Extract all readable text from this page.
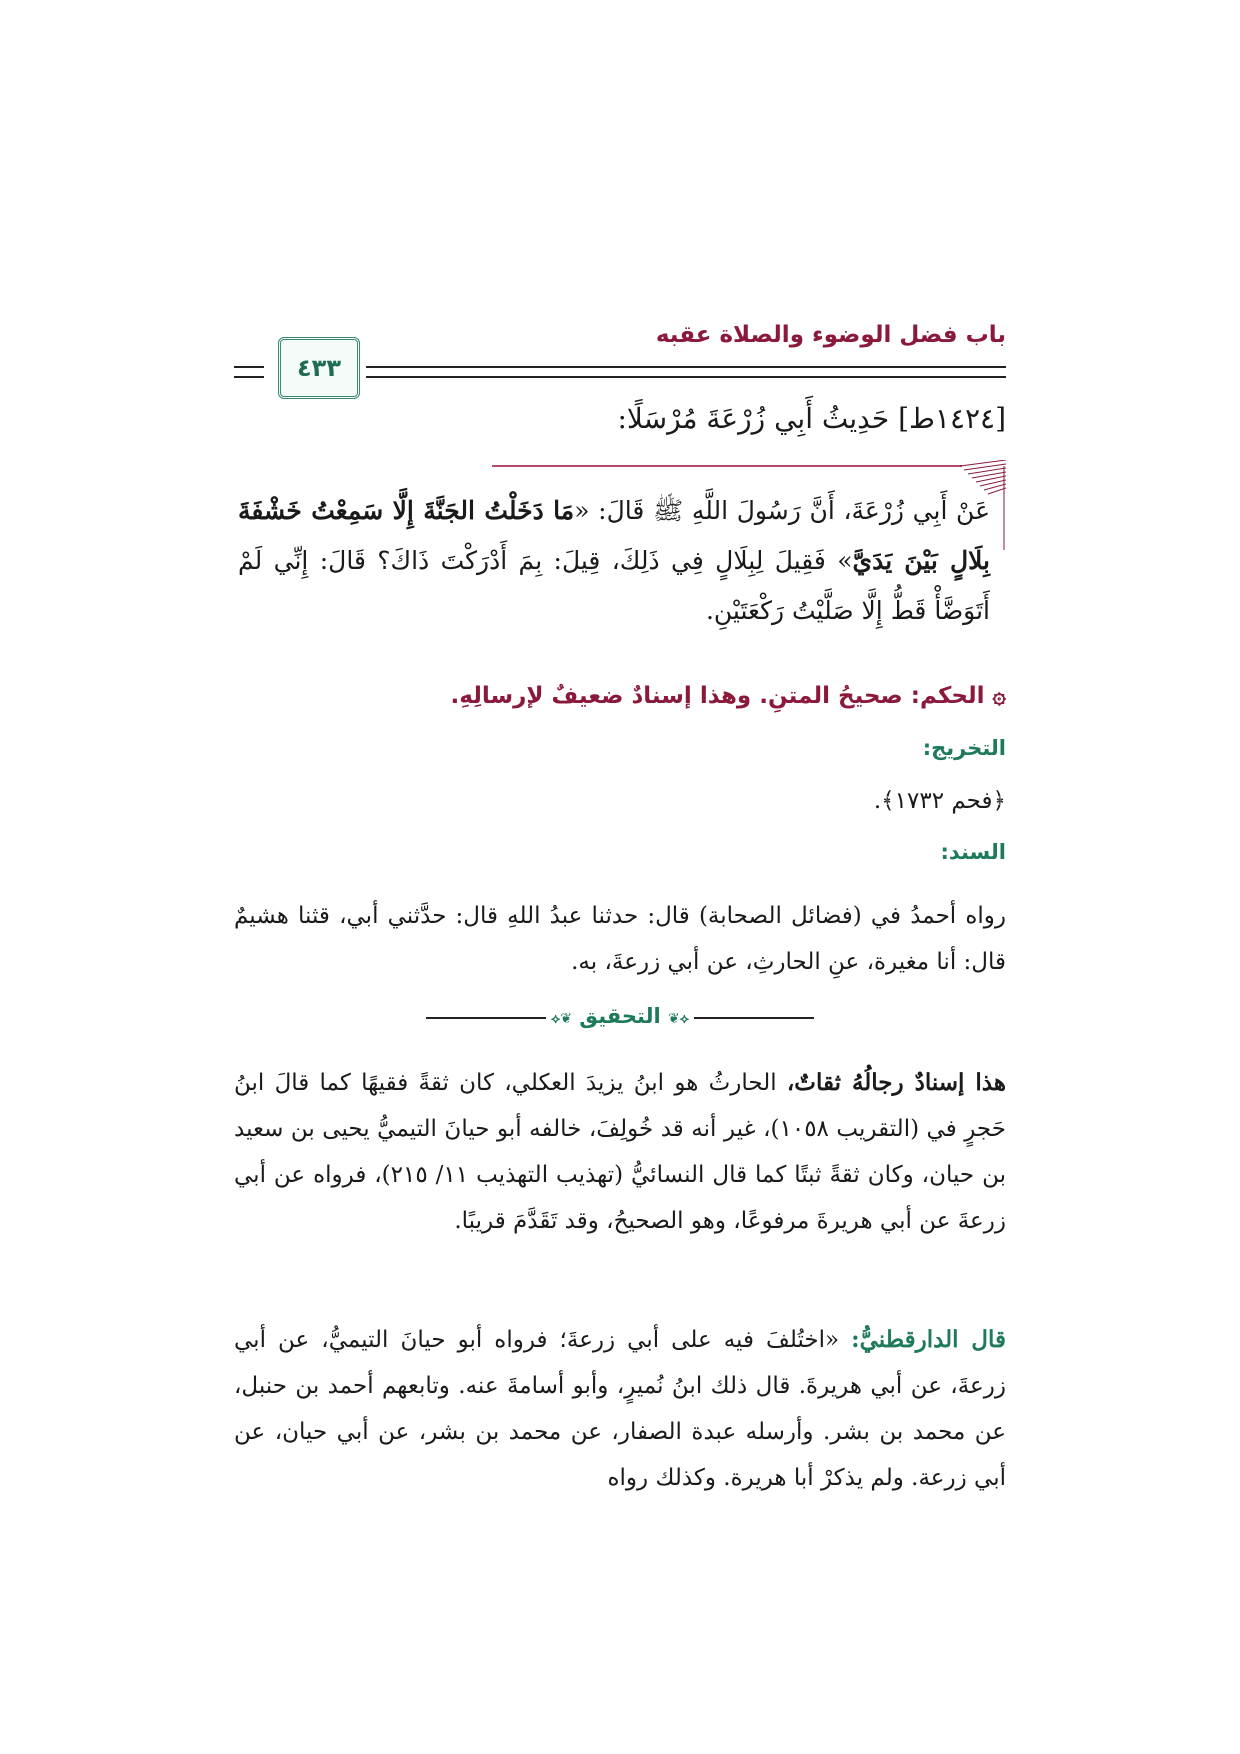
باب فضل الوضوء والصلاة عقبه
٤٣٣
[١٤٢٤ط] حَدِيثُ أَبِي زُرْعَةَ مُرْسَلًا:
عَنْ أَبِي زُرْعَةَ، أَنَّ رَسُولَ اللَّهِ ﷺ قَالَ: «مَا دَخَلْتُ الجَنَّةَ إِلَّا سَمِعْتُ خَشْفَةَ بِلَالٍ بَيْنَ يَدَيَّ» فَقِيلَ لِبِلَالٍ فِي ذَلِكَ، قِيلَ: بِمَ أَدْرَكْتَ ذَاكَ؟ قَالَ: إِنِّي لَمْ أَتَوَضَّأْ قَطُّ إِلَّا صَلَّيْتُ رَكْعَتَيْنِ.
۞ الحكم: صحيحُ المتنِ. وهذا إسنادٌ ضعيفٌ لإرسالِهِ.
التخريج:
﴿فحم ١٧٣٢﴾.
السند:
رواه أحمدُ في (فضائل الصحابة) قال: حدثنا عبدُ اللهِ قال: حدَّثني أبي، قثنا هشيمٌ قال: أنا مغيرة، عنِ الحارثِ، عن أبي زرعةَ، به.
⟡❦ التحقيق ❦⟡
هذا إسنادٌ رجالُهُ ثقاتٌ، الحارثُ هو ابنُ يزيدَ العكلي، كان ثقةً فقيهًا كما قالَ ابنُ حَجرٍ في (التقريب ١٠٥٨)، غير أنه قد خُولِفَ، خالفه أبو حيانَ التيميُّ يحيى بن سعيد بن حيان، وكان ثقةً ثبتًا كما قال النسائيُّ (تهذيب التهذيب ١١/ ٢١٥)، فرواه عن أبي زرعةَ عن أبي هريرةَ مرفوعًا، وهو الصحيحُ، وقد تَقَدَّمَ قريبًا.
قال الدارقطنيُّ: «اختُلفَ فيه على أبي زرعةَ؛ فرواه أبو حيانَ التيميُّ، عن أبي زرعةَ، عن أبي هريرةَ. قال ذلك ابنُ نُميرٍ، وأبو أسامةَ عنه. وتابعهم أحمد بن حنبل، عن محمد بن بشر. وأرسله عبدة الصفار، عن محمد بن بشر، عن أبي حيان، عن أبي زرعة. ولم يذكرْ أبا هريرة. وكذلك رواه
